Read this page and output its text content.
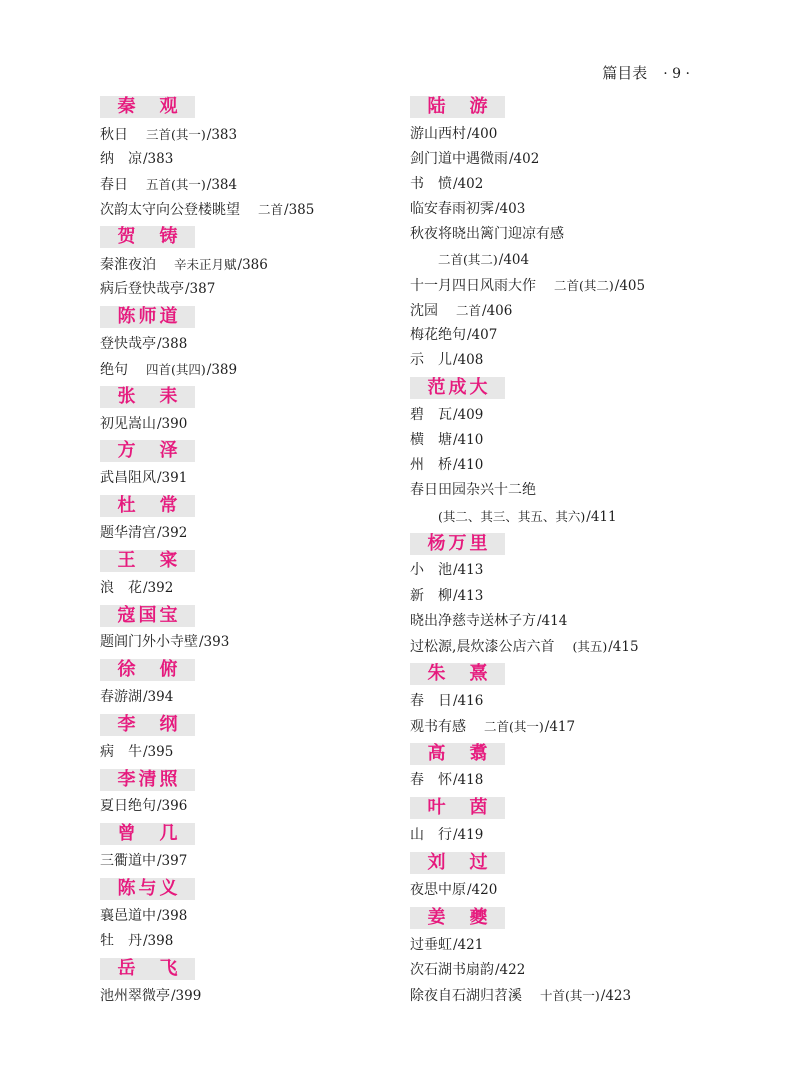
篇目表 · 9 ·
秦　观
秋日 三首(其一)/383
纳　凉/383
春日 五首(其一)/384
次韵太守向公登楼眺望 二首/385
贺　铸
秦淮夜泊 辛未正月赋/386
病后登快哉亭/387
陈师道
登快哉亭/388
绝句 四首(其四)/389
张　耒
初见嵩山/390
方　泽
武昌阻风/391
杜　常
题华清宫/392
王　寀
浪　花/392
寇国宝
题阊门外小寺壁/393
徐　俯
春游湖/394
李　纲
病　牛/395
李清照
夏日绝句/396
曾　几
三衢道中/397
陈与义
襄邑道中/398
牡　丹/398
岳　飞
池州翠微亭/399
陆　游
游山西村/400
剑门道中遇微雨/402
书　愤/402
临安春雨初霁/403
秋夜将晓出篱门迎凉有感
二首(其二)/404
十一月四日风雨大作 二首(其二)/405
沈园 二首/406
梅花绝句/407
示　儿/408
范成大
碧　瓦/409
横　塘/410
州　桥/410
春日田园杂兴十二绝
(其二、其三、其五、其六)/411
杨万里
小　池/413
新　柳/413
晓出净慈寺送林子方/414
过松源,晨炊漆公店六首 (其五)/415
朱　熹
春　日/416
观书有感 二首(其一)/417
高　翥
春　怀/418
叶　茵
山　行/419
刘　过
夜思中原/420
姜　夔
过垂虹/421
次石湖书扇韵/422
除夜自石湖归苕溪 十首(其一)/423
